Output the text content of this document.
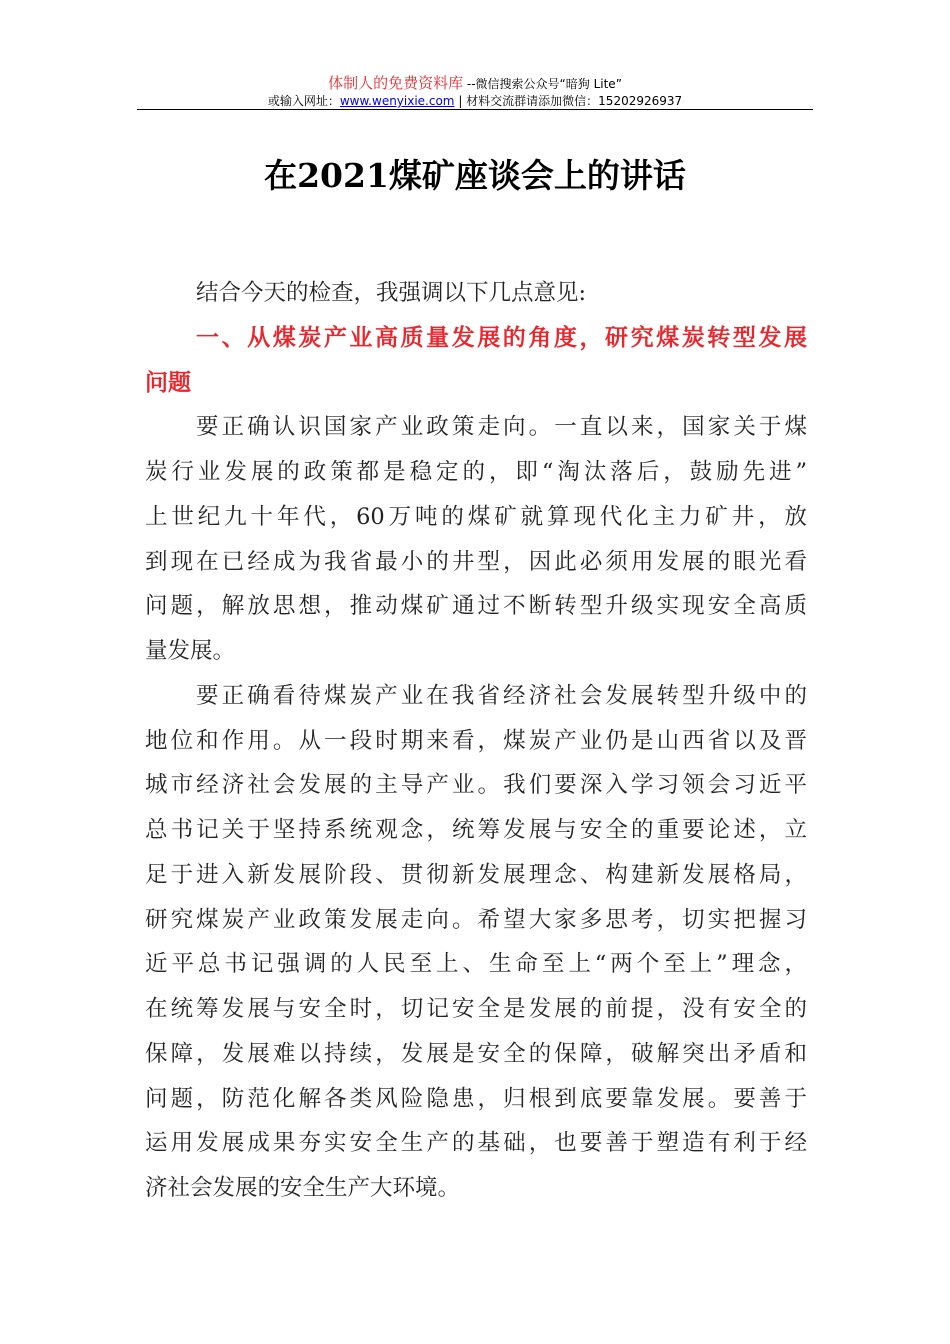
体制人的免费资料库 --微信搜索公众号“暗狗 Lite”
或输入网址：www.wenyixie.com | 材料交流群请添加微信：15202926937
在2021煤矿座谈会上的讲话
结合今天的检查，我强调以下几点意见:
一、从煤炭产业高质量发展的角度，研究煤炭转型发展
问题
要正确认识国家产业政策走向。一直以来，国家关于煤
炭行业发展的政策都是稳定的，即“淘汰落后，鼓励先进”
上世纪九十年代，60万吨的煤矿就算现代化主力矿井，放
到现在已经成为我省最小的井型，因此必须用发展的眼光看
问题，解放思想，推动煤矿通过不断转型升级实现安全高质
量发展。
要正确看待煤炭产业在我省经济社会发展转型升级中的
地位和作用。从一段时期来看，煤炭产业仍是山西省以及晋
城市经济社会发展的主导产业。我们要深入学习领会习近平
总书记关于坚持系统观念，统筹发展与安全的重要论述，立
足于进入新发展阶段、贯彻新发展理念、构建新发展格局，
研究煤炭产业政策发展走向。希望大家多思考，切实把握习
近平总书记强调的人民至上、生命至上“两个至上”理念，
在统筹发展与安全时，切记安全是发展的前提，没有安全的
保障，发展难以持续，发展是安全的保障，破解突出矛盾和
问题，防范化解各类风险隐患，归根到底要靠发展。要善于
运用发展成果夯实安全生产的基础，也要善于塑造有利于经
济社会发展的安全生产大环境。
